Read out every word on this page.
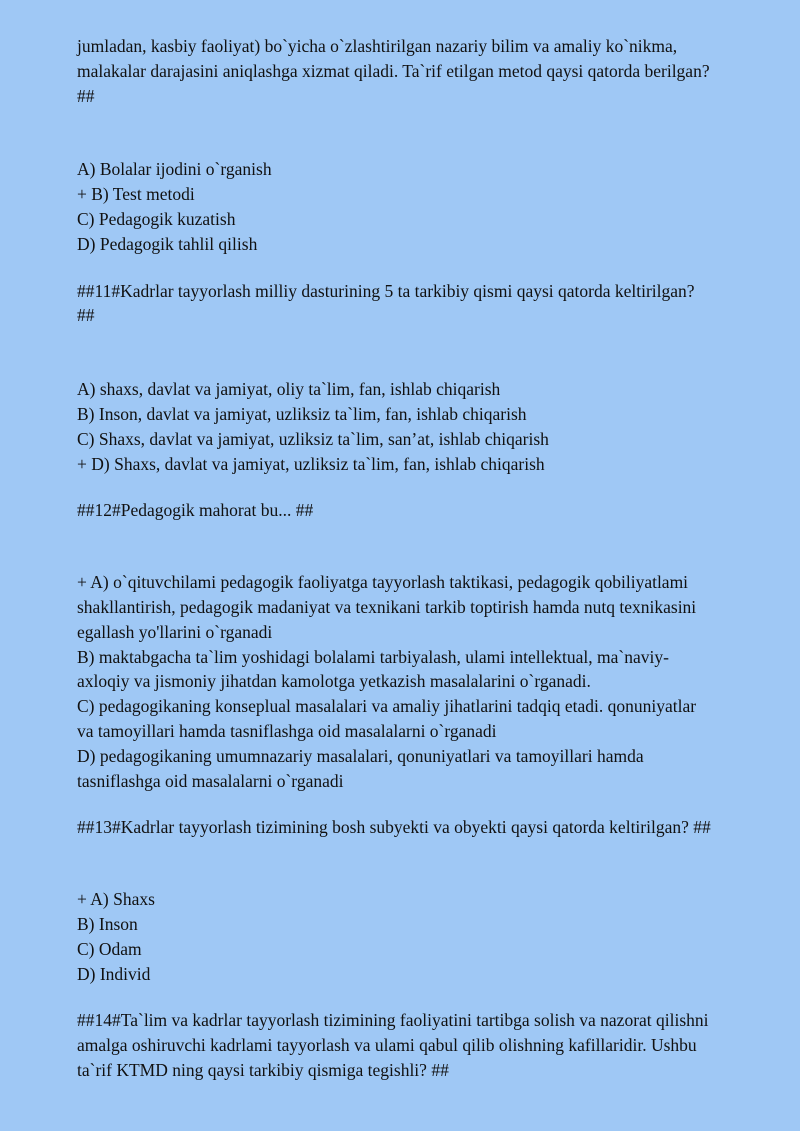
jumladan, kasbiy faoliyat) bo`yicha o`zlashtirilgan nazariy bilim va amaliy ko`nikma,
malakalar darajasini aniqlashga xizmat qiladi. Ta`rif etilgan metod qaysi qatorda berilgan?
##
A) Bolalar ijodini o`rganish
+ B) Test metodi
C) Pedagogik kuzatish
D) Pedagogik tahlil qilish
##11#Kadrlar tayyorlash milliy dasturining 5 ta tarkibiy qismi qaysi qatorda keltirilgan?
##
A) shaxs, davlat va jamiyat, oliy ta`lim, fan, ishlab chiqarish
B) Inson, davlat va jamiyat, uzliksiz ta`lim, fan, ishlab chiqarish
C) Shaxs, davlat va jamiyat, uzliksiz ta`lim, san’at, ishlab chiqarish
+ D) Shaxs, davlat va jamiyat, uzliksiz ta`lim, fan, ishlab chiqarish
##12#Pedagogik mahorat bu... ##
+ A) o`qituvchilami pedagogik faoliyatga tayyorlash taktikasi, pedagogik qobiliyatlami
shakllantirish, pedagogik madaniyat va texnikani tarkib toptirish hamda nutq texnikasini
egallash yo'llarini o`rganadi
B) maktabgacha ta`lim yoshidagi bolalami tarbiyalash, ulami intellektual, ma`naviy-
axloqiy va jismoniy jihatdan kamolotga yetkazish masalalarini o`rganadi.
C) pedagogikaning konseplual masalalari va amaliy jihatlarini tadqiq etadi. qonuniyatlar
va tamoyillari hamda tasniflashga oid masalalarni o`rganadi
D) pedagogikaning umumnazariy masalalari, qonuniyatlari va tamoyillari hamda
tasniflashga oid masalalarni o`rganadi
##13#Kadrlar tayyorlash tizimining bosh subyekti va obyekti qaysi qatorda keltirilgan? ##
+ A) Shaxs
B) Inson
C) Odam
D) Individ
##14#Ta`lim va kadrlar tayyorlash tizimining faoliyatini tartibga solish va nazorat qilishni
amalga oshiruvchi kadrlami tayyorlash va ulami qabul qilib olishning kafillaridir. Ushbu
ta`rif KTMD ning qaysi tarkibiy qismiga tegishli? ##
